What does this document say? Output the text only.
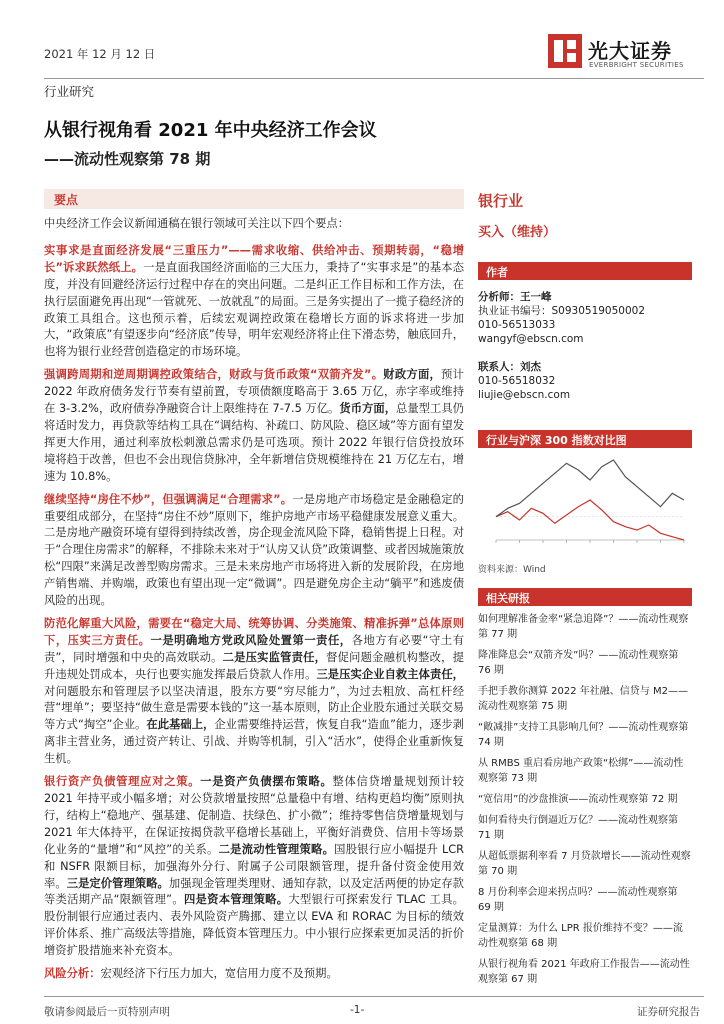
2021 年 12 月 12 日	光大证券
EVERBRIGHT SECURITIES
行业研究
从银行视角看 2021 年中央经济工作会议
——流动性观察第 78 期
要点

中央经济工作会议新闻通稿在银行领域可关注以下四个要点：

实事求是直面经济发展“三重压力”——需求收缩、供给冲击、预期转弱，“稳增长”诉求跃然纸上。一是直面我国经济面临的三大压力，秉持了“实事求是”的基本态度，并没有回避经济运行过程中存在的突出问题。二是纠正工作目标和工作方法，在执行层面避免再出现“一管就死、一放就乱”的局面。三是务实提出了一揽子稳经济的政策工具组合。这也预示着，后续宏观调控政策在稳增长方面的诉求将进一步加大，“政策底”有望逐步向“经济底”传导，明年宏观经济将止住下滑态势，触底回升，也将为银行业经营创造稳定的市场环境。

强调跨周期和逆周期调控政策结合，财政与货币政策“双箭齐发”。财政方面，预计 2022 年政府债务发行节奏有望前置，专项债额度略高于 3.65 万亿，赤字率或维持在 3-3.2%，政府债券净融资合计上限维持在 7-7.5 万亿。货币方面，总量型工具仍将适时发力，再贷款等结构工具在“调结构、补疏口、防风险、稳区域”等方面有望发挥更大作用，通过利率放松刺激总需求仍是可选项。预计 2022 年银行信贷投放环境将趋于改善，但也不会出现信贷脉冲，全年新增信贷规模维持在 21 万亿左右，增速为 10.8%。

继续坚持“房住不炒”，但强调满足“合理需求”。一是房地产市场稳定是金融稳定的重要组成部分，在坚持“房住不炒”原则下，维护房地产市场平稳健康发展意义重大。二是房地产融资环境有望得到持续改善，房企现金流风险下降，稳销售提上日程。对于“合理住房需求”的解释，不排除未来对于“认房又认贷”政策调整、或者因城施策放松“四限”来满足改善型购房需求。三是未来房地产市场将进入新的发展阶段，在房地产销售端、并购端，政策也有望出现一定“微调”。四是避免房企主动“躺平”和逃废债风险的出现。

防范化解重大风险，需要在“稳定大局、统筹协调、分类施策、精准拆弹”总体原则下，压实三方责任。一是明确地方党政风险处置第一责任，各地方有必要“守土有责”，同时增强和中央的高效联动。二是压实监管责任，督促问题金融机构整改，提升违规处罚成本，央行也要实施发挥最后贷款人作用。三是压实企业自救主体责任，对问题股东和管理层予以坚决清退，股东方要“穷尽能力”，为过去粗放、高杠杆经营“埋单”；要坚持“做生意是需要本钱的”这一基本原则，防止企业股东通过关联交易等方式“掏空”企业。在此基础上，企业需要维持运营，恢复自我“造血”能力，逐步剥离非主营业务，通过资产转让、引战、并购等机制，引入“活水”，使得企业重新恢复生机。

银行资产负债管理应对之策。一是资产负债摆布策略。整体信贷增量规划预计较 2021 年持平或小幅多增；对公贷款增量按照“总量稳中有增、结构更趋均衡”原则执行，结构上“稳地产、强基建、促制造、扶绿色、扩小微”；维持零售信贷增量规划与 2021 年大体持平，在保证按揭贷款平稳增长基础上，平衡好消费贷、信用卡等场景化业务的“量增”和“风控”的关系。二是流动性管理策略。国股银行应小幅提升 LCR 和 NSFR 限额目标，加强海外分行、附属子公司限额管理，提升备付资金使用效率。三是定价管理策略。加强现金管理类理财、通知存款，以及定活两便的协定存款等类活期产品“限额管理”。四是资本管理策略。大型银行可探索发行 TLAC 工具。股份制银行应通过表内、表外风险资产腾挪、建立以 EVA 和 RORAC 为目标的绩效评价体系、推广高级法等措施，降低资本管理压力。中小银行应探索更加灵活的折价增资扩股措施来补充资本。

风险分析：宏观经济下行压力加大，宽信用力度不及预期。

银行业
买入（维持）
作者
分析师：王一峰
执业证书编号：S0930519050002
010-56513033
wangyf@ebscn.com
联系人：刘杰
010-56518032
liujie@ebscn.com
行业与沪深 300 指数对比图
资料来源：Wind
相关研报
如何理解准备金率“紧急追降”？——流动性观察第 77 期
降准降息会“双箭齐发”吗？——流动性观察第 76 期
手把手教你测算 2022 年社融、信贷与 M2——流动性观察第 75 期
“敞减排”支持工具影响几何？——流动性观察第 74 期
从 RMBS 重启看房地产政策“松绑”——流动性观察第 73 期
“宽信用”的沙盘推演——流动性观察第 72 期
如何看待央行倒逼近万亿？——流动性观察第 71 期
从超低票据利率看 7 月贷款增长——流动性观察第 70 期
8 月份利率会迎来拐点吗？——流动性观察第 69 期
定量测算：为什么 LPR 报价维持不变？——流动性观察第 68 期
从银行视角看 2021 年政府工作报告——流动性观察第 67 期
敬请参阅最后一页特别声明	-1-	证券研究报告
